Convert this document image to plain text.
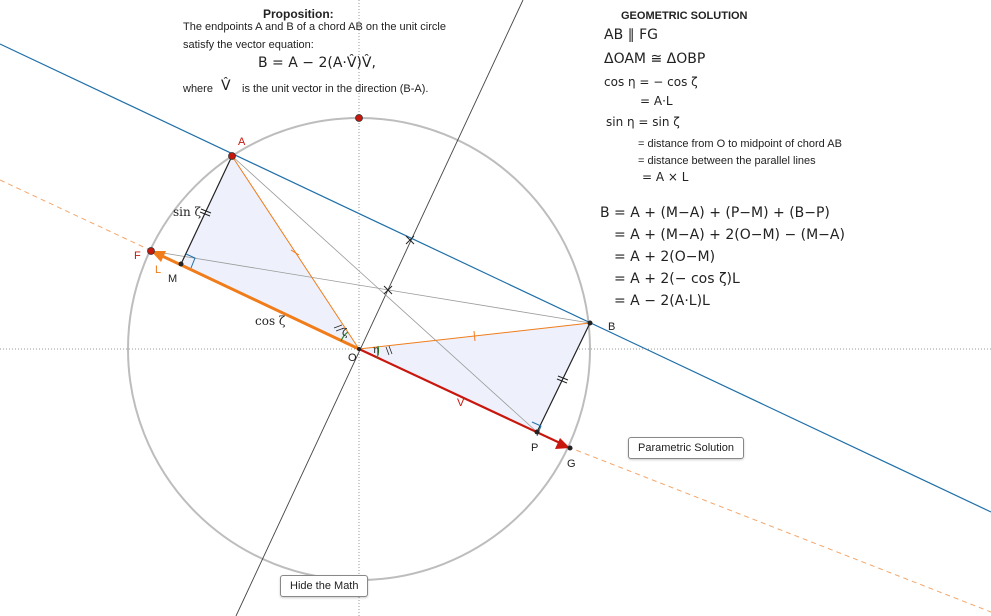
Proposition:
The endpoints A and B of a chord AB on the unit circle
satisfy the vector equation:
B = A − 2(A·V̂)V̂,
where V̂ is the unit vector in the direction (B-A).
GEOMETRIC SOLUTION
AB ∥ FG
ΔOAM ≅ ΔOBP
cos η = − cos ζ
= A·L
sin η = sin ζ
= distance from O to midpoint of chord AB
= distance between the parallel lines
= A × L
B = A + (M−A) + (P−M) + (B−P)
= A + (M−A) + 2(O−M) − (M−A)
= A + 2(O−M)
= A + 2(− cos ζ)L
= A − 2(A·L)L
A
B
F
G
M
P
O
L
V
sin ζ
cos ζ
ζ
η
Parametric Solution
Hide the Math
